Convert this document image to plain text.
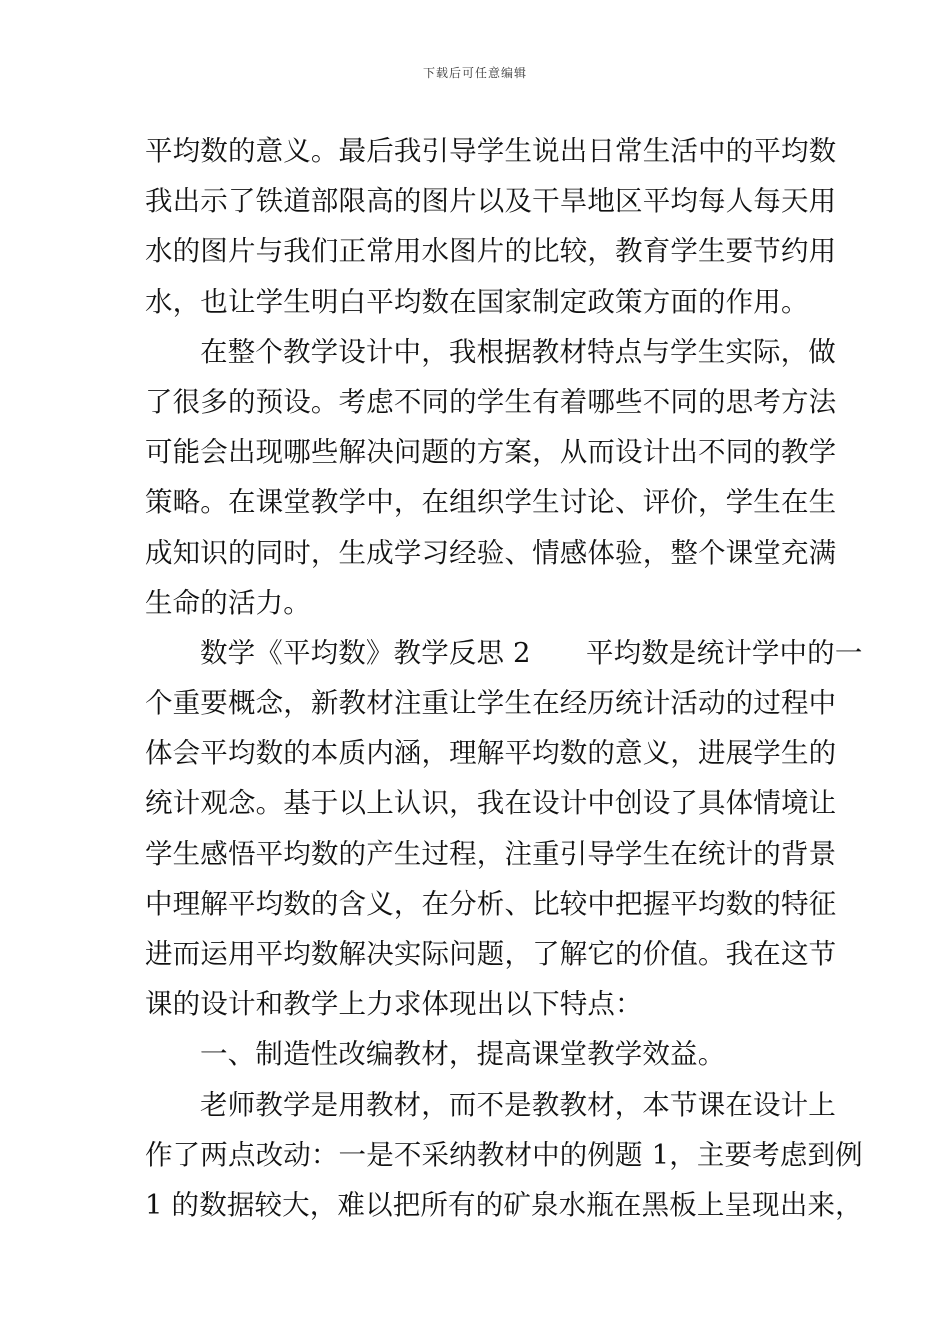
下载后可任意编辑
平均数的意义。最后我引导学生说出日常生活中的平均数
我出示了铁道部限高的图片以及干旱地区平均每人每天用
水的图片与我们正常用水图片的比较，教育学生要节约用
水，也让学生明白平均数在国家制定政策方面的作用。
在整个教学设计中，我根据教材特点与学生实际，做
了很多的预设。考虑不同的学生有着哪些不同的思考方法
可能会出现哪些解决问题的方案，从而设计出不同的教学
策略。在课堂教学中，在组织学生讨论、评价，学生在生
成知识的同时，生成学习经验、情感体验，整个课堂充满
生命的活力。
数学《平均数》教学反思 2　　平均数是统计学中的一
个重要概念，新教材注重让学生在经历统计活动的过程中
体会平均数的本质内涵，理解平均数的意义，进展学生的
统计观念。基于以上认识，我在设计中创设了具体情境让
学生感悟平均数的产生过程，注重引导学生在统计的背景
中理解平均数的含义，在分析、比较中把握平均数的特征
进而运用平均数解决实际问题，了解它的价值。我在这节
课的设计和教学上力求体现出以下特点：
一、制造性改编教材，提高课堂教学效益。
老师教学是用教材，而不是教教材，本节课在设计上
作了两点改动：一是不采纳教材中的例题 1，主要考虑到例
1 的数据较大，难以把所有的矿泉水瓶在黑板上呈现出来，
